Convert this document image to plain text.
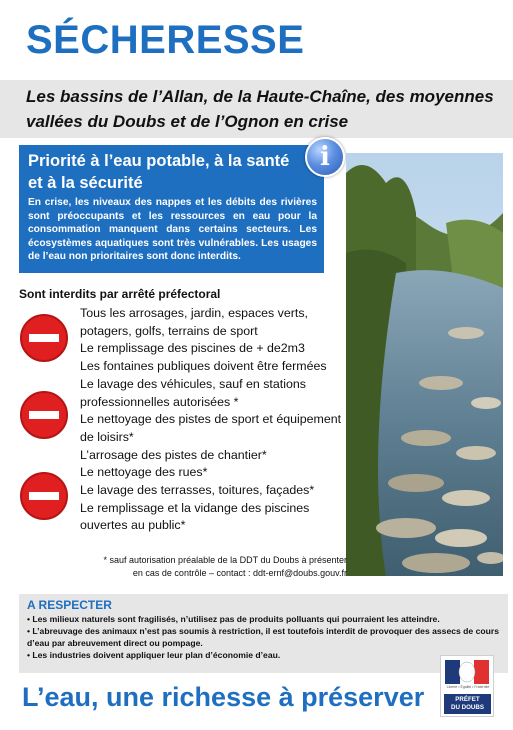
SÉCHERESSE
Les bassins de l’Allan, de la Haute-Chaîne, des moyennes vallées du Doubs et de l’Ognon en crise
Priorité à l’eau potable, à la santé et à la sécurité
En crise, les niveaux des nappes et les débits des rivières sont préoccupants et les ressources en eau pour la consommation manquent dans certains secteurs. Les écosystèmes aquatiques sont très vulnérables. Les usages de l’eau non prioritaires sont donc interdits.
i
Sont interdits par arrêté préfectoral
Tous les arrosages, jardin, espaces verts, potagers, golfs, terrains de sport
Le remplissage des piscines de + de2m3
Les fontaines publiques doivent être fermées
Le lavage des véhicules, sauf en stations professionnelles autorisées *
Le nettoyage des pistes de sport et équipement de loisirs*
L’arrosage des pistes de chantier*
Le nettoyage des rues*
Le lavage des terrasses, toitures, façades*
Le remplissage et la vidange des piscines ouvertes au public*
* sauf autorisation préalable de la DDT du Doubs à présenter
en cas de contrôle – contact : ddt-ernf@doubs.gouv.fr
A RESPECTER
• Les milieux naturels sont fragilisés, n’utilisez pas de produits polluants qui pourraient les atteindre.
• L’abreuvage des animaux n’est pas soumis à restriction, il est toutefois interdit de provoquer des assecs de cours d’eau par abreuvement direct ou pompage.
• Les industries doivent appliquer leur plan d’économie d’eau.
L’eau, une richesse à préserver	Liberté • Égalité • Fraternité
PRÉFET
DU DOUBS
